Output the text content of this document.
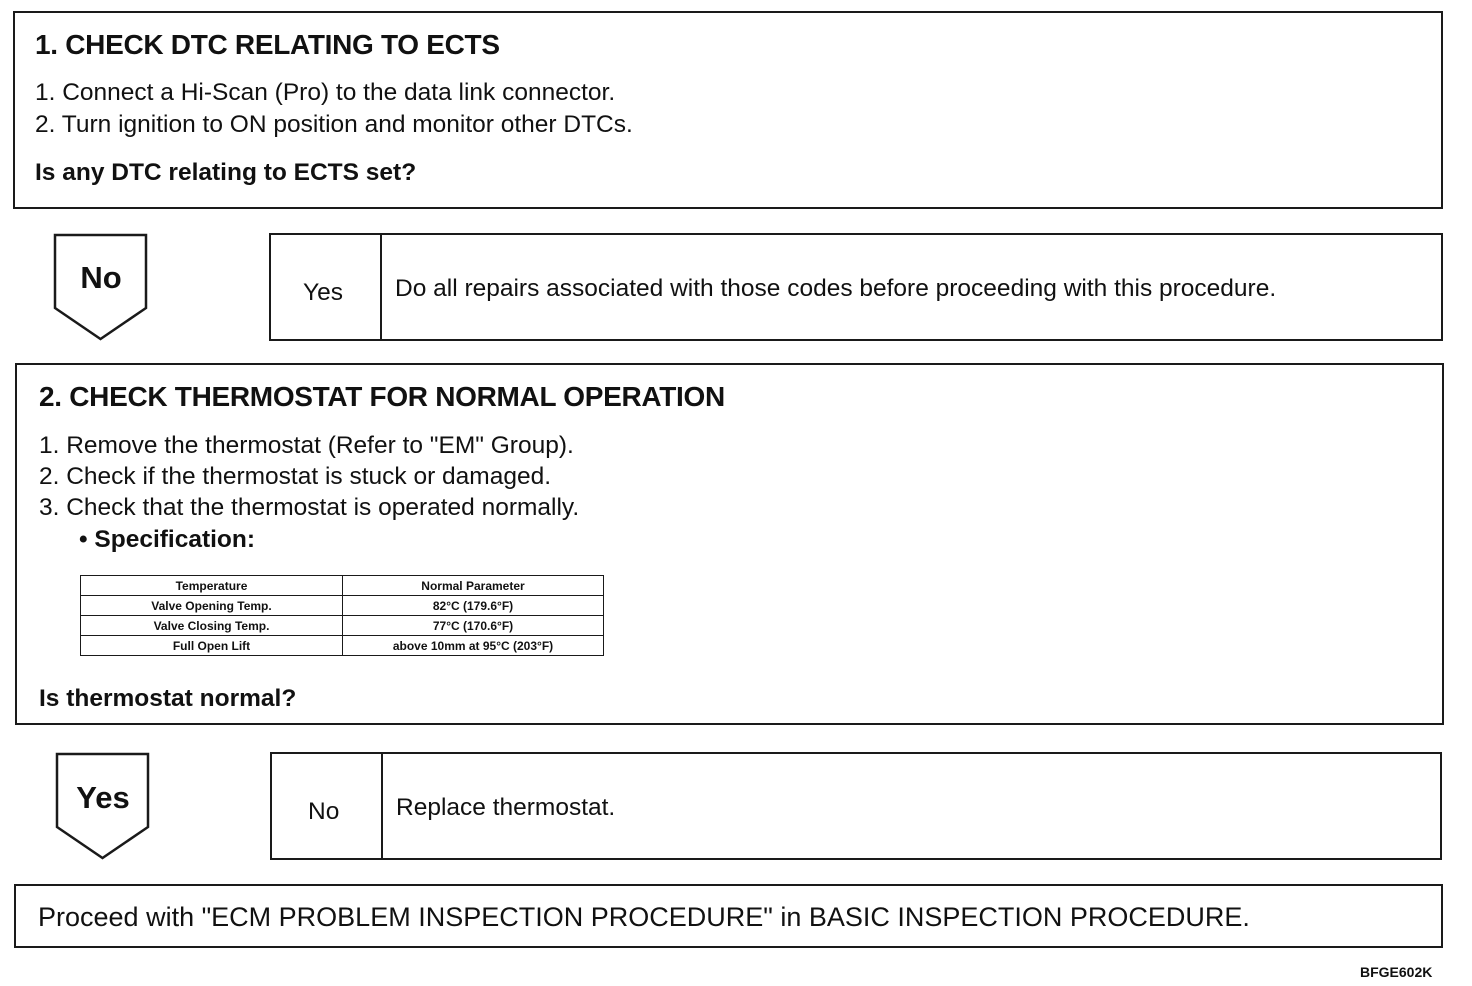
1. CHECK DTC RELATING TO ECTS
1. Connect a Hi-Scan (Pro) to the data link connector.
2. Turn ignition to ON position and monitor other DTCs.
Is any DTC relating to ECTS set?
No	Yes Do all repairs associated with those codes before proceeding with this procedure.
2. CHECK THERMOSTAT FOR NORMAL OPERATION
1. Remove the thermostat (Refer to "EM" Group).
2. Check if the thermostat is stuck or damaged.
3. Check that the thermostat is operated normally.
• Specification:
Temperature	Normal Parameter
Valve Opening Temp.	82°C (179.6°F)
Valve Closing Temp.	77°C (170.6°F)
Full Open Lift	above 10mm at 95°C (203°F)
Is thermostat normal?
Yes	No Replace thermostat.
Proceed with "ECM PROBLEM INSPECTION PROCEDURE" in BASIC INSPECTION PROCEDURE.
BFGE602K
